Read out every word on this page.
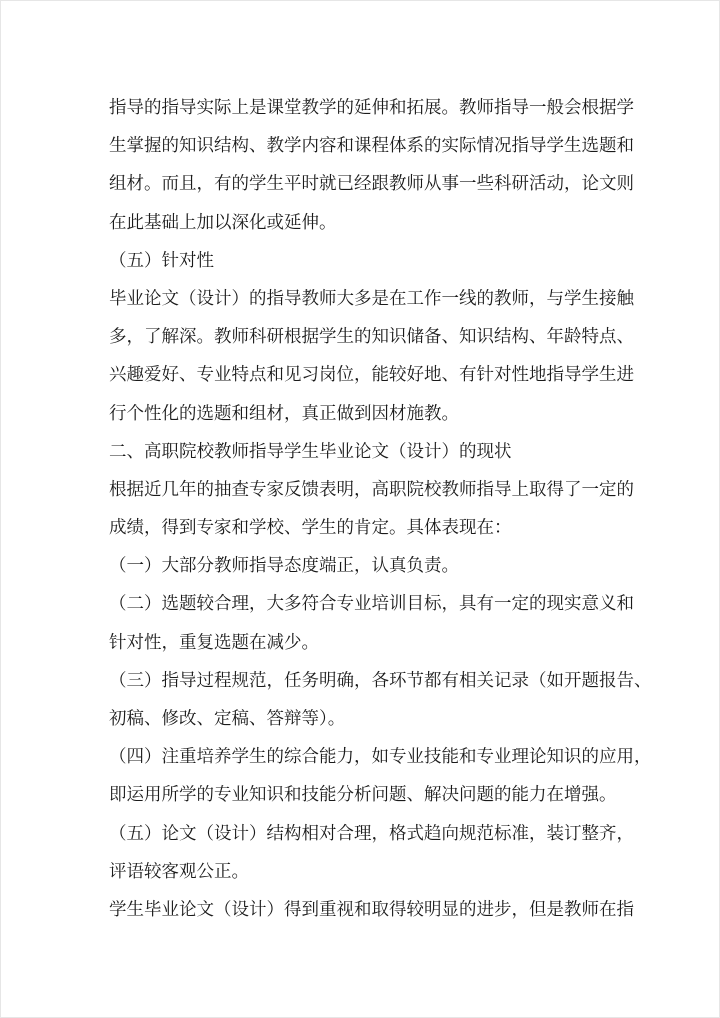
指导的指导实际上是课堂教学的延伸和拓展。教师指导一般会根据学
生掌握的知识结构、教学内容和课程体系的实际情况指导学生选题和
组材。而且，有的学生平时就已经跟教师从事一些科研活动，论文则
在此基础上加以深化或延伸。
（五）针对性
毕业论文（设计）的指导教师大多是在工作一线的教师，与学生接触
多，了解深。教师科研根据学生的知识储备、知识结构、年龄特点、
兴趣爱好、专业特点和见习岗位，能较好地、有针对性地指导学生进
行个性化的选题和组材，真正做到因材施教。
二、高职院校教师指导学生毕业论文（设计）的现状
根据近几年的抽查专家反馈表明，高职院校教师指导上取得了一定的
成绩，得到专家和学校、学生的肯定。具体表现在：
（一）大部分教师指导态度端正，认真负责。
（二）选题较合理，大多符合专业培训目标，具有一定的现实意义和
针对性，重复选题在减少。
（三）指导过程规范，任务明确，各环节都有相关记录（如开题报告、
初稿、修改、定稿、答辩等）。
（四）注重培养学生的综合能力，如专业技能和专业理论知识的应用，
即运用所学的专业知识和技能分析问题、解决问题的能力在增强。
（五）论文（设计）结构相对合理，格式趋向规范标准，装订整齐，
评语较客观公正。
学生毕业论文（设计）得到重视和取得较明显的进步，但是教师在指
